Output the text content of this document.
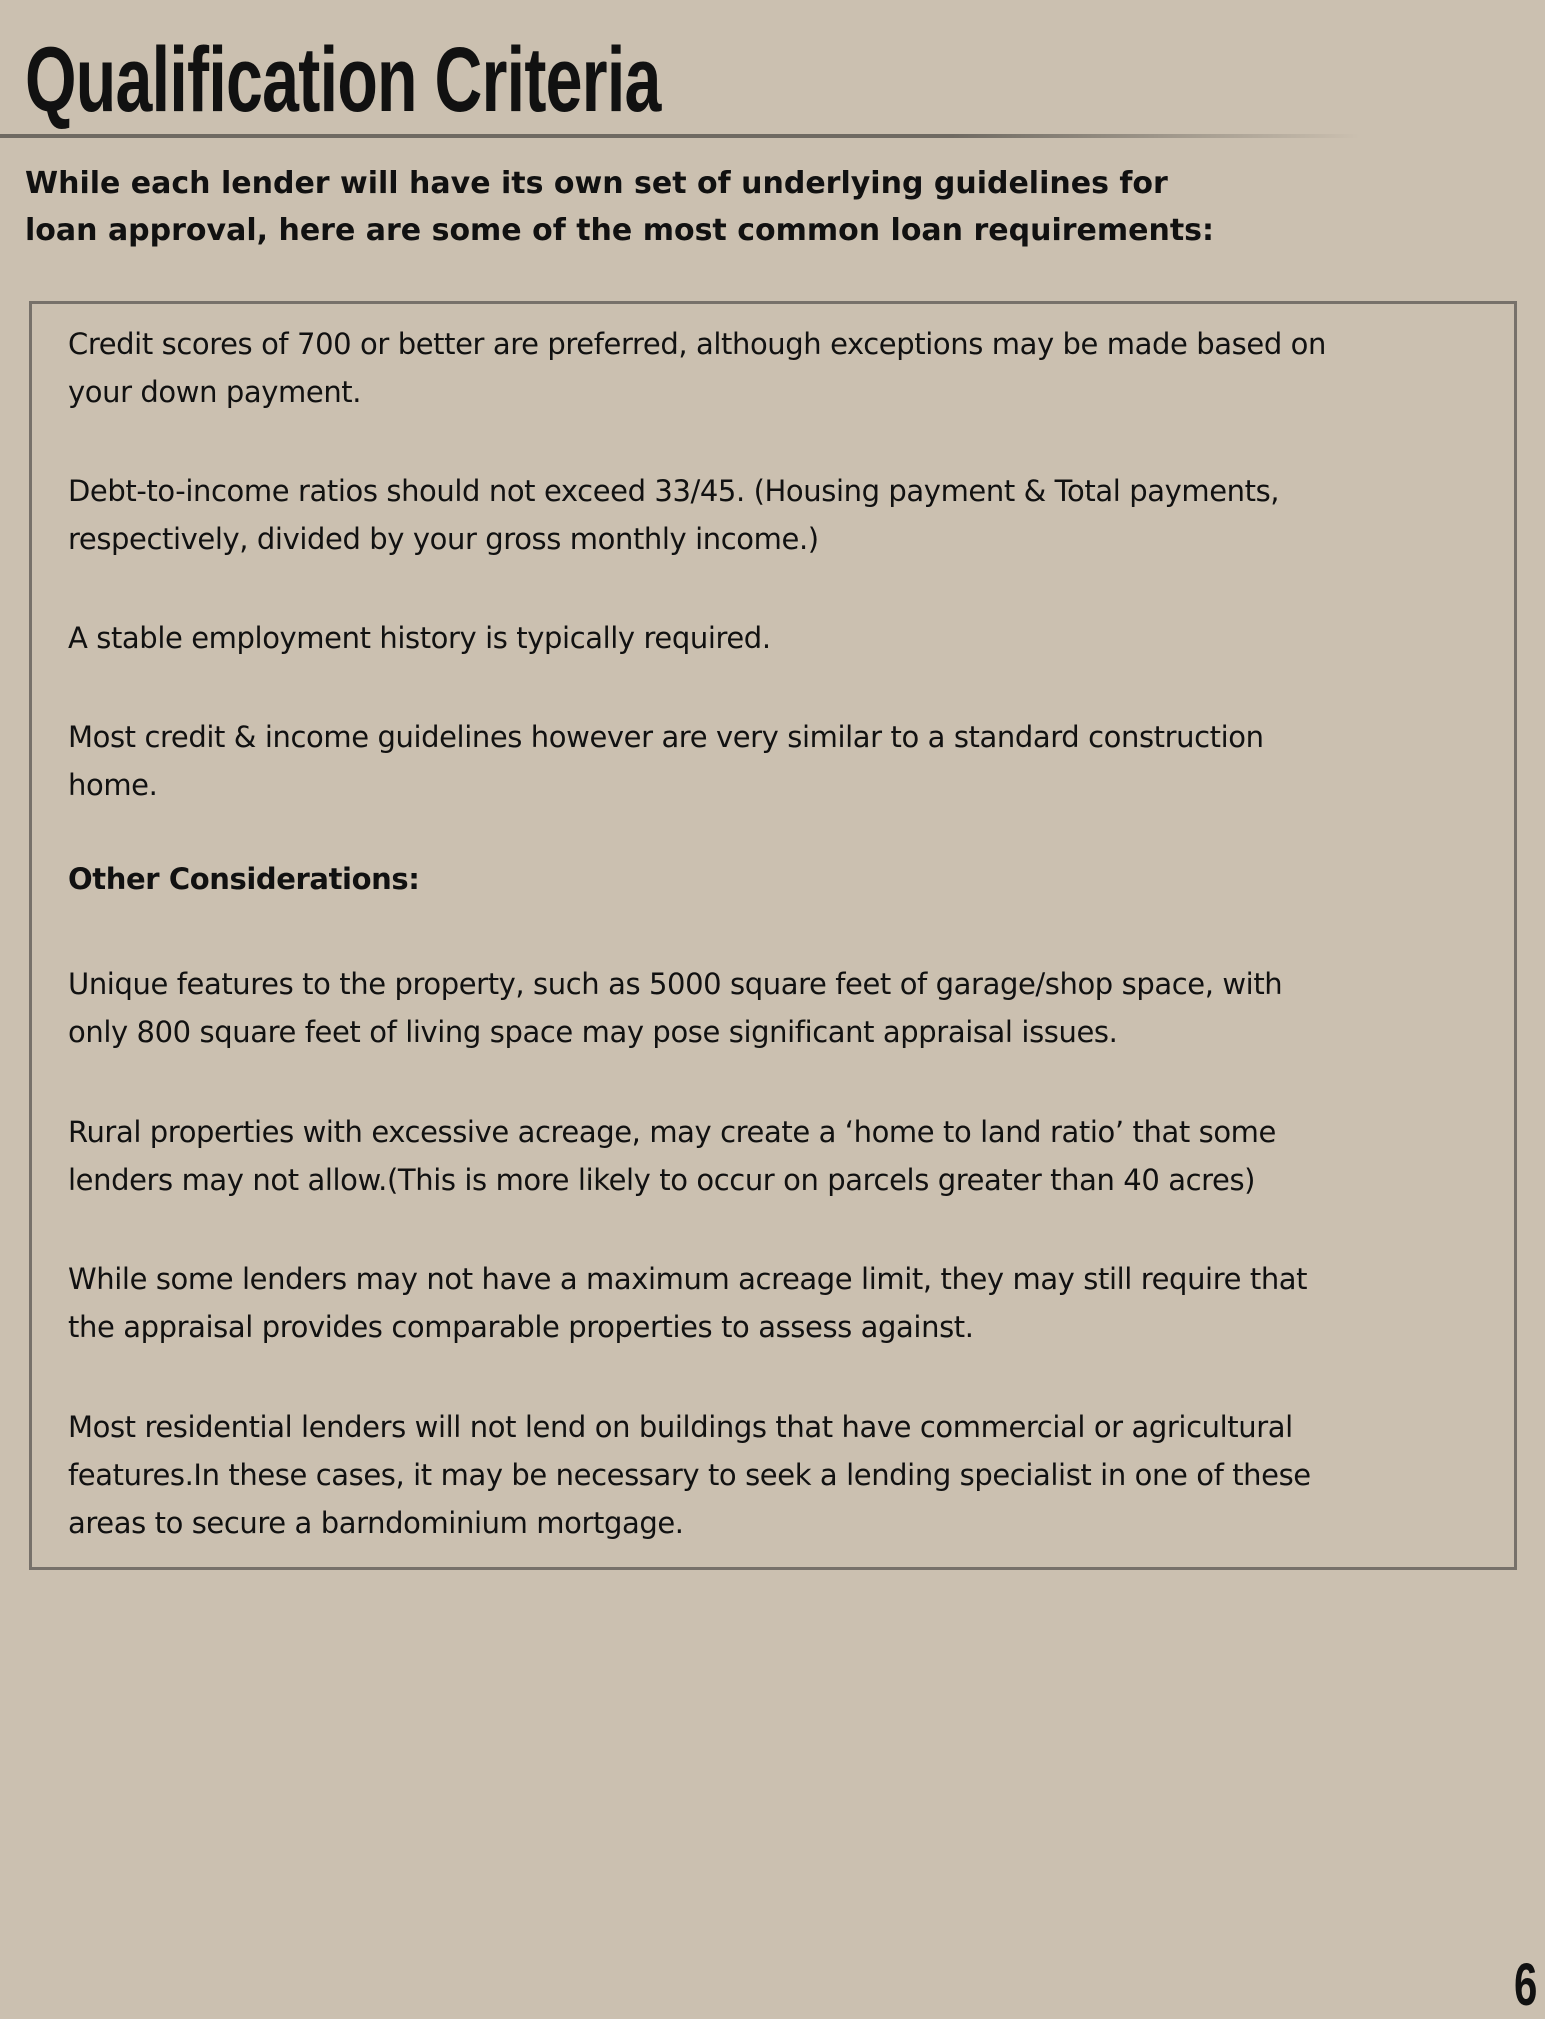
Qualification Criteria
While each lender will have its own set of underlying guidelines for
loan approval, here are some of the most common loan requirements:
Credit scores of 700 or better are preferred, although exceptions may be made based on
your down payment.
Debt-to-income ratios should not exceed 33/45. (Housing payment & Total payments,
respectively, divided by your gross monthly income.)
A stable employment history is typically required.
Most credit & income guidelines however are very similar to a standard construction
home.
Other Considerations:
Unique features to the property, such as 5000 square feet of garage/shop space, with
only 800 square feet of living space may pose significant appraisal issues.
Rural properties with excessive acreage, may create a ‘home to land ratio’ that some
lenders may not allow.(This is more likely to occur on parcels greater than 40 acres)
While some lenders may not have a maximum acreage limit, they may still require that
the appraisal provides comparable properties to assess against.
Most residential lenders will not lend on buildings that have commercial or agricultural
features.In these cases, it may be necessary to seek a lending specialist in one of these
areas to secure a barndominium mortgage.
6
